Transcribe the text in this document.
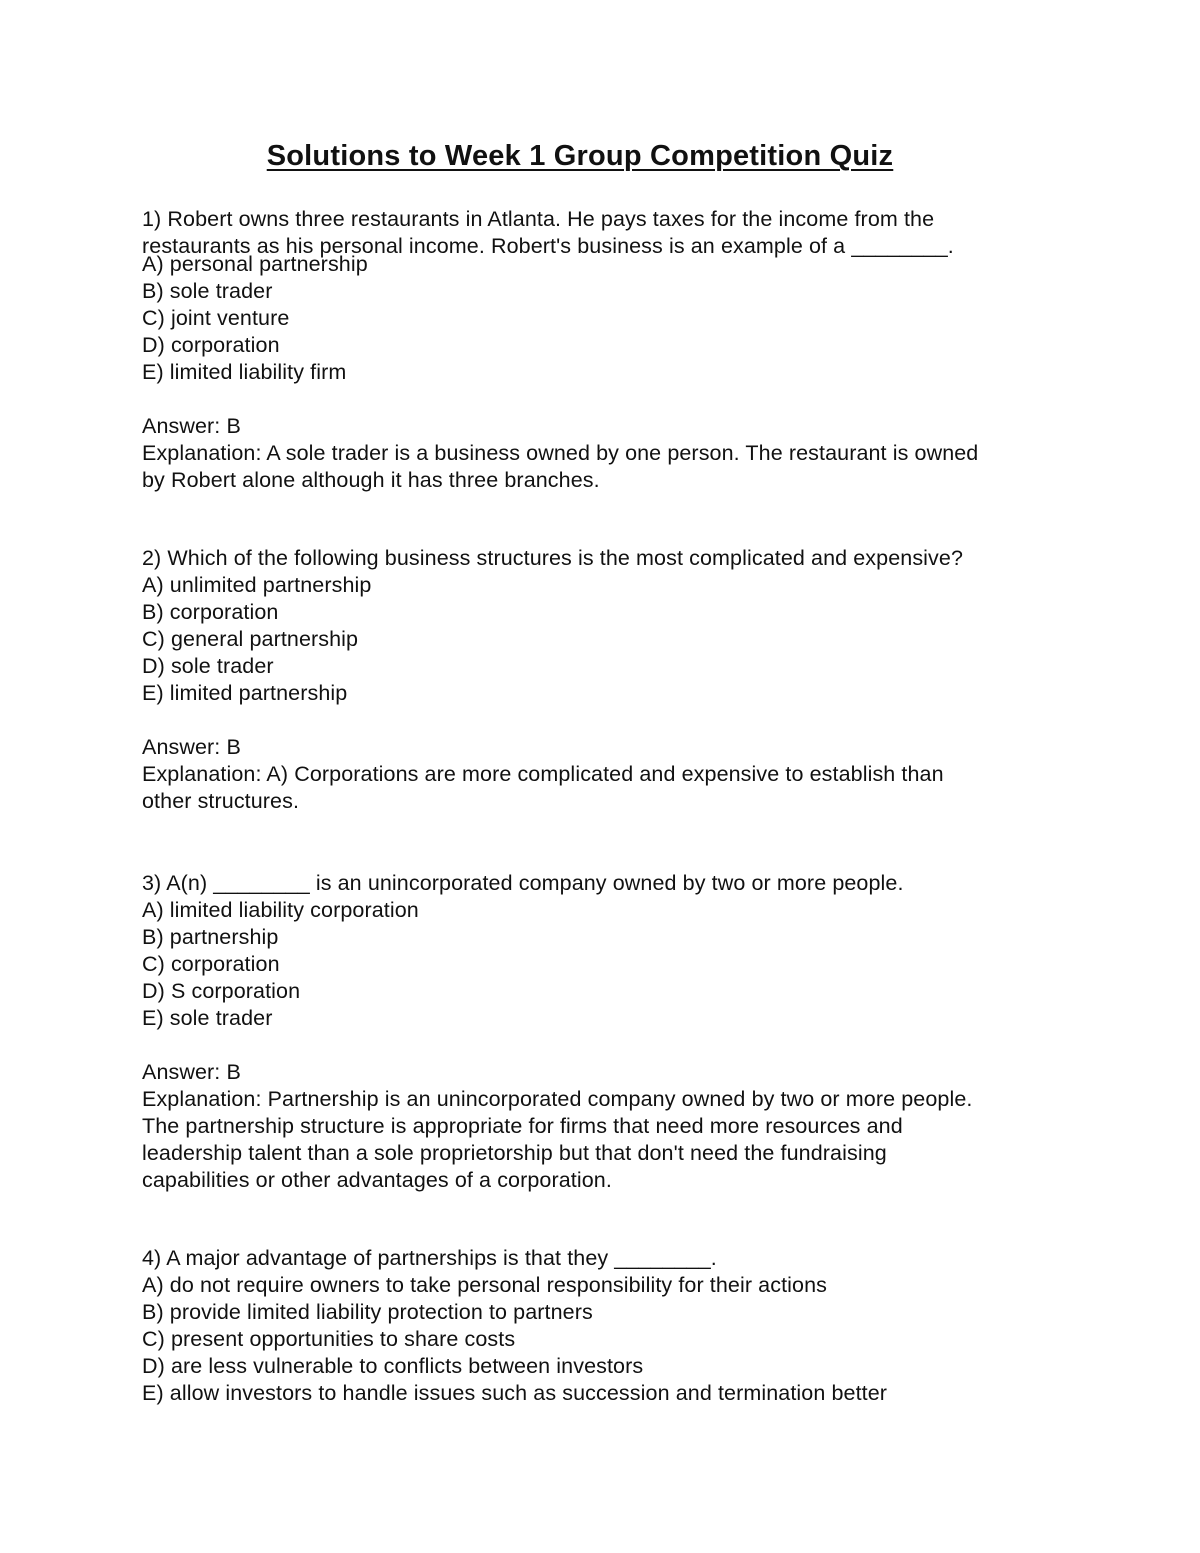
Solutions to Week 1 Group Competition Quiz
1) Robert owns three restaurants in Atlanta. He pays taxes for the income from the
restaurants as his personal income. Robert's business is an example of a ________.
A) personal partnership
B) sole trader
C) joint venture
D) corporation
E) limited liability firm
Answer: B
Explanation: A sole trader is a business owned by one person. The restaurant is owned
by Robert alone although it has three branches.
2) Which of the following business structures is the most complicated and expensive?
A) unlimited partnership
B) corporation
C) general partnership
D) sole trader
E) limited partnership
Answer: B
Explanation: A) Corporations are more complicated and expensive to establish than
other structures.
3) A(n) ________ is an unincorporated company owned by two or more people.
A) limited liability corporation
B) partnership
C) corporation
D) S corporation
E) sole trader
Answer: B
Explanation: Partnership is an unincorporated company owned by two or more people.
The partnership structure is appropriate for firms that need more resources and
leadership talent than a sole proprietorship but that don't need the fundraising
capabilities or other advantages of a corporation.
4) A major advantage of partnerships is that they ________.
A) do not require owners to take personal responsibility for their actions
B) provide limited liability protection to partners
C) present opportunities to share costs
D) are less vulnerable to conflicts between investors
E) allow investors to handle issues such as succession and termination better
